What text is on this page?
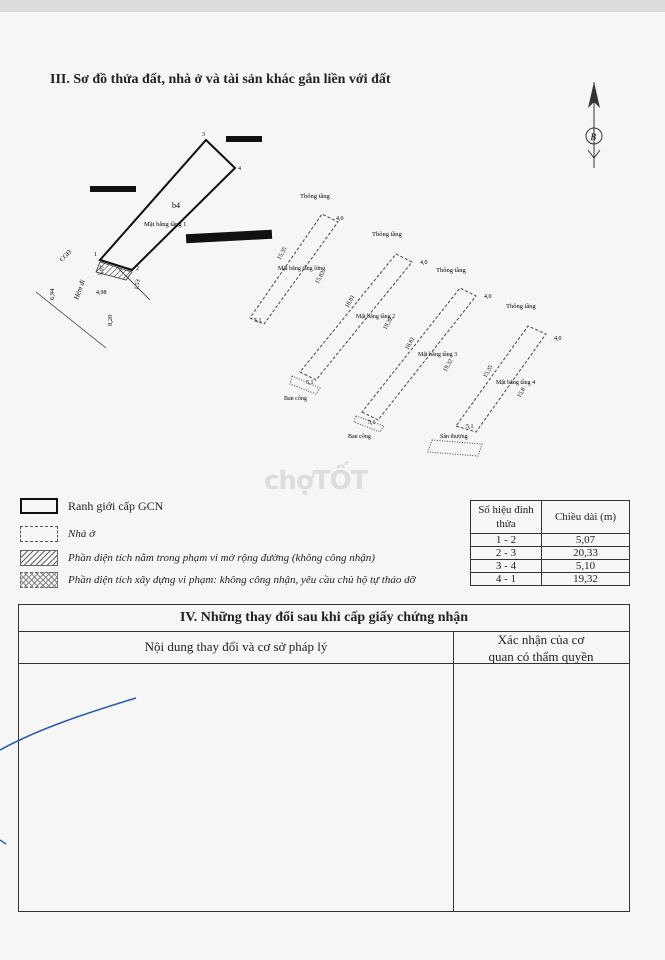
III. Sơ đồ thửa đất, nhà ở và tài sản khác gắn liền với đất
B
b4
Mặt bằng tầng 1
Hẻm đi
CGĐ	1
2
3
4
6,94
8,20
5,07
4,98
1,53
Thông tầng
Mặt bằng tầng lửng
4,0
15,35
15,82
5,1
Thông tầng
Mặt bằng tầng 2
4,0
18,81
19,32
5,1
Ban công
Thông tầng
Mặt bằng tầng 3
4,0
18,81
19,32
5,1
Ban công
Thông tầng
Mặt bằng tầng 4
4,0
15,35
15,8
5,1
Sân thượng
chợTỐT
Ranh giới cấp GCN
Nhà ở
Phần diện tích nằm trong phạm vi mở rộng đường (không công nhận)
Phần diện tích xây dựng vi phạm: không công nhận, yêu cầu chủ hộ tự tháo dỡ
Số hiệu đỉnh thửa	Chiều dài (m)
1 - 2	5,07
2 - 3	20,33
3 - 4	5,10
4 - 1	19,32
IV. Những thay đổi sau khi cấp giấy chứng nhận
Nội dung thay đổi và cơ sở pháp lý	Xác nhận của cơ
quan có thẩm quyền
